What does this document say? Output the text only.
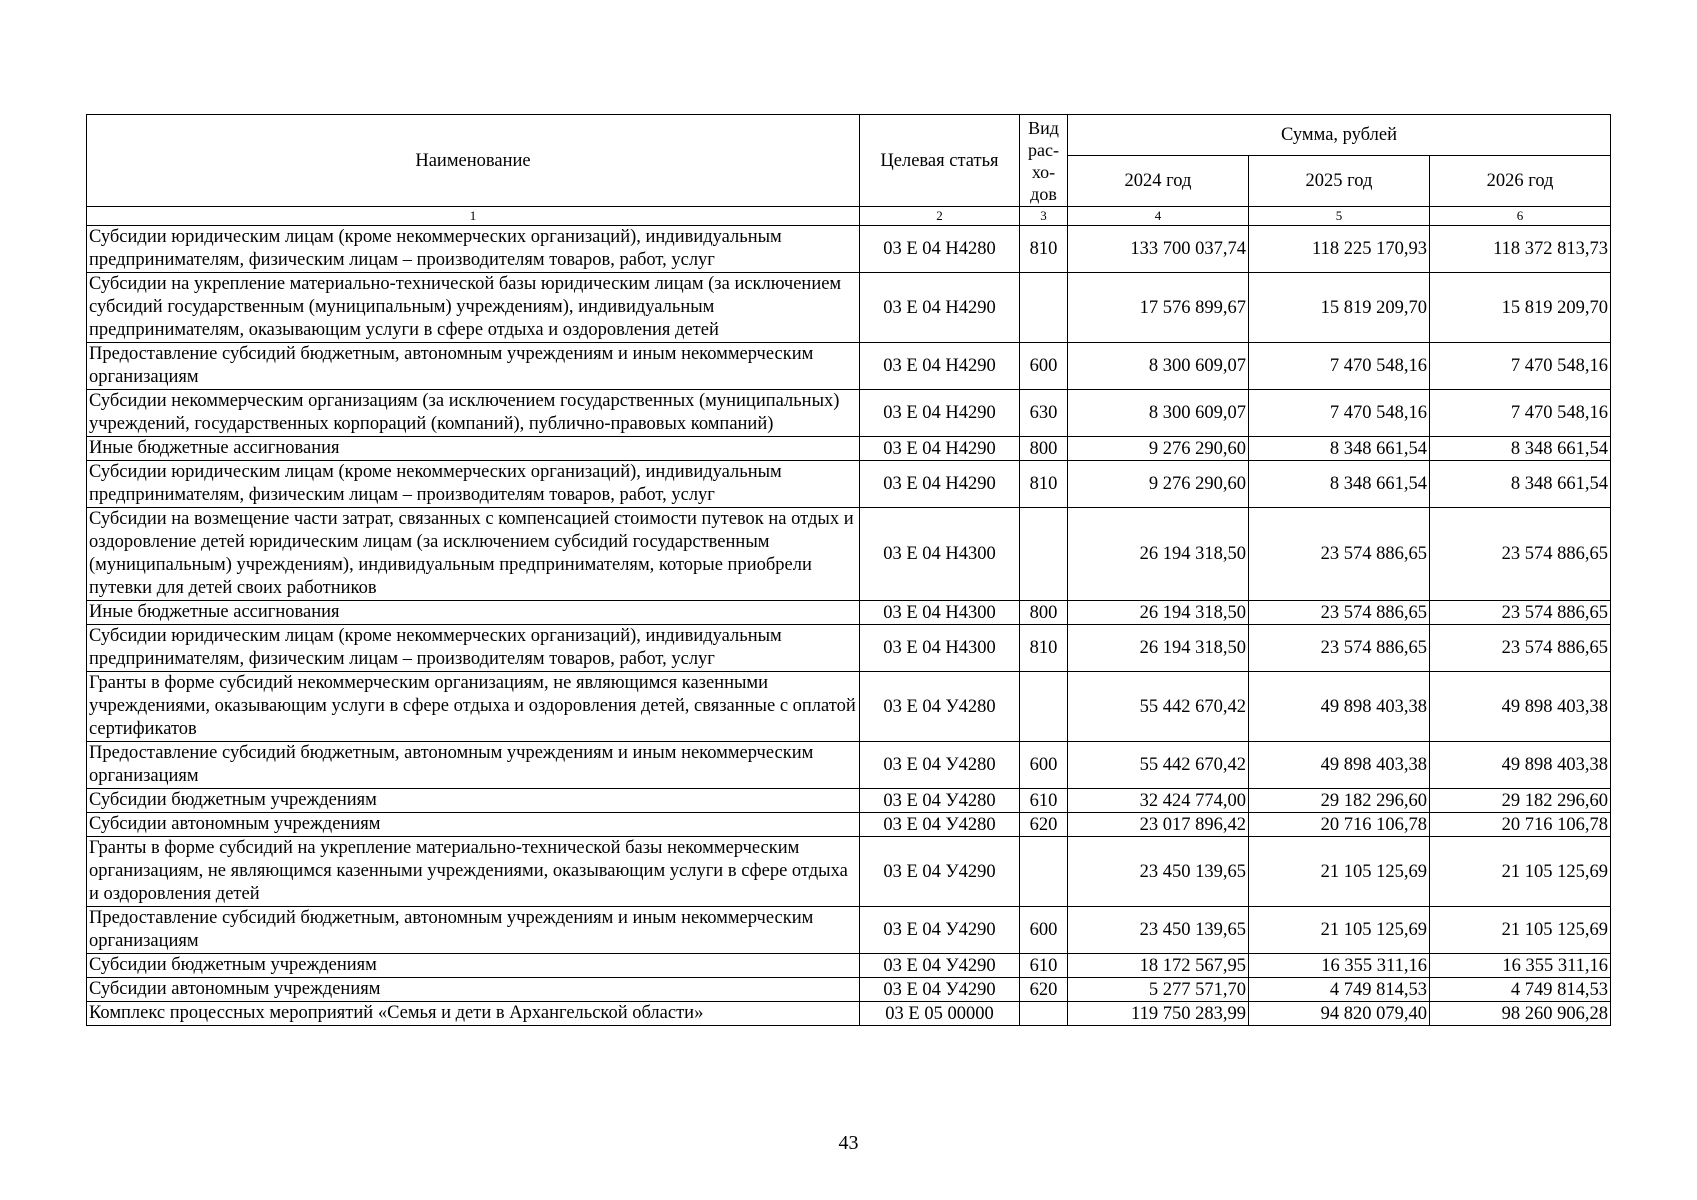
Наименование	Целевая статья	Вид рас-хо-дов	Сумма, рублей		
			2024 год	2025 год	2026 год
1	2	3	4	5	6
Субсидии юридическим лицам (кроме некоммерческих организаций), индивидуальным предпринимателям, физическим лицам – производителям товаров, работ, услуг	03 Е 04 Н4280	810	133 700 037,74	118 225 170,93	118 372 813,73
Субсидии на укрепление материально-технической базы юридическим лицам (за исключением субсидий государственным (муниципальным) учреждениям), индивидуальным предпринимателям, оказывающим услуги в сфере отдыха и оздоровления детей	03 Е 04 Н4290		17 576 899,67	15 819 209,70	15 819 209,70
Предоставление субсидий бюджетным, автономным учреждениям и иным некоммерческим организациям	03 Е 04 Н4290	600	8 300 609,07	7 470 548,16	7 470 548,16
Субсидии некоммерческим организациям (за исключением государственных (муниципальных) учреждений, государственных корпораций (компаний), публично-правовых компаний)	03 Е 04 Н4290	630	8 300 609,07	7 470 548,16	7 470 548,16
Иные бюджетные ассигнования	03 Е 04 Н4290	800	9 276 290,60	8 348 661,54	8 348 661,54
Субсидии юридическим лицам (кроме некоммерческих организаций), индивидуальным предпринимателям, физическим лицам – производителям товаров, работ, услуг	03 Е 04 Н4290	810	9 276 290,60	8 348 661,54	8 348 661,54
Субсидии на возмещение части затрат, связанных с компенсацией стоимости путевок на отдых и оздоровление детей юридическим лицам (за исключением субсидий государственным (муниципальным) учреждениям), индивидуальным предпринимателям, которые приобрели путевки для детей своих работников	03 Е 04 Н4300		26 194 318,50	23 574 886,65	23 574 886,65
Иные бюджетные ассигнования	03 Е 04 Н4300	800	26 194 318,50	23 574 886,65	23 574 886,65
Субсидии юридическим лицам (кроме некоммерческих организаций), индивидуальным предпринимателям, физическим лицам – производителям товаров, работ, услуг	03 Е 04 Н4300	810	26 194 318,50	23 574 886,65	23 574 886,65
Гранты в форме субсидий некоммерческим организациям, не являющимся казенными учреждениями, оказывающим услуги в сфере отдыха и оздоровления детей, связанные с оплатой сертификатов	03 Е 04 У4280		55 442 670,42	49 898 403,38	49 898 403,38
Предоставление субсидий бюджетным, автономным учреждениям и иным некоммерческим организациям	03 Е 04 У4280	600	55 442 670,42	49 898 403,38	49 898 403,38
Субсидии бюджетным учреждениям	03 Е 04 У4280	610	32 424 774,00	29 182 296,60	29 182 296,60
Субсидии автономным учреждениям	03 Е 04 У4280	620	23 017 896,42	20 716 106,78	20 716 106,78
Гранты в форме субсидий на укрепление материально-технической базы некоммерческим организациям, не являющимся казенными учреждениями, оказывающим услуги в сфере отдыха и оздоровления детей	03 Е 04 У4290		23 450 139,65	21 105 125,69	21 105 125,69
Предоставление субсидий бюджетным, автономным учреждениям и иным некоммерческим организациям	03 Е 04 У4290	600	23 450 139,65	21 105 125,69	21 105 125,69
Субсидии бюджетным учреждениям	03 Е 04 У4290	610	18 172 567,95	16 355 311,16	16 355 311,16
Субсидии автономным учреждениям	03 Е 04 У4290	620	5 277 571,70	4 749 814,53	4 749 814,53
Комплекс процессных мероприятий «Семья и дети в Архангельской области»	03 Е 05 00000		119 750 283,99	94 820 079,40	98 260 906,28
43
